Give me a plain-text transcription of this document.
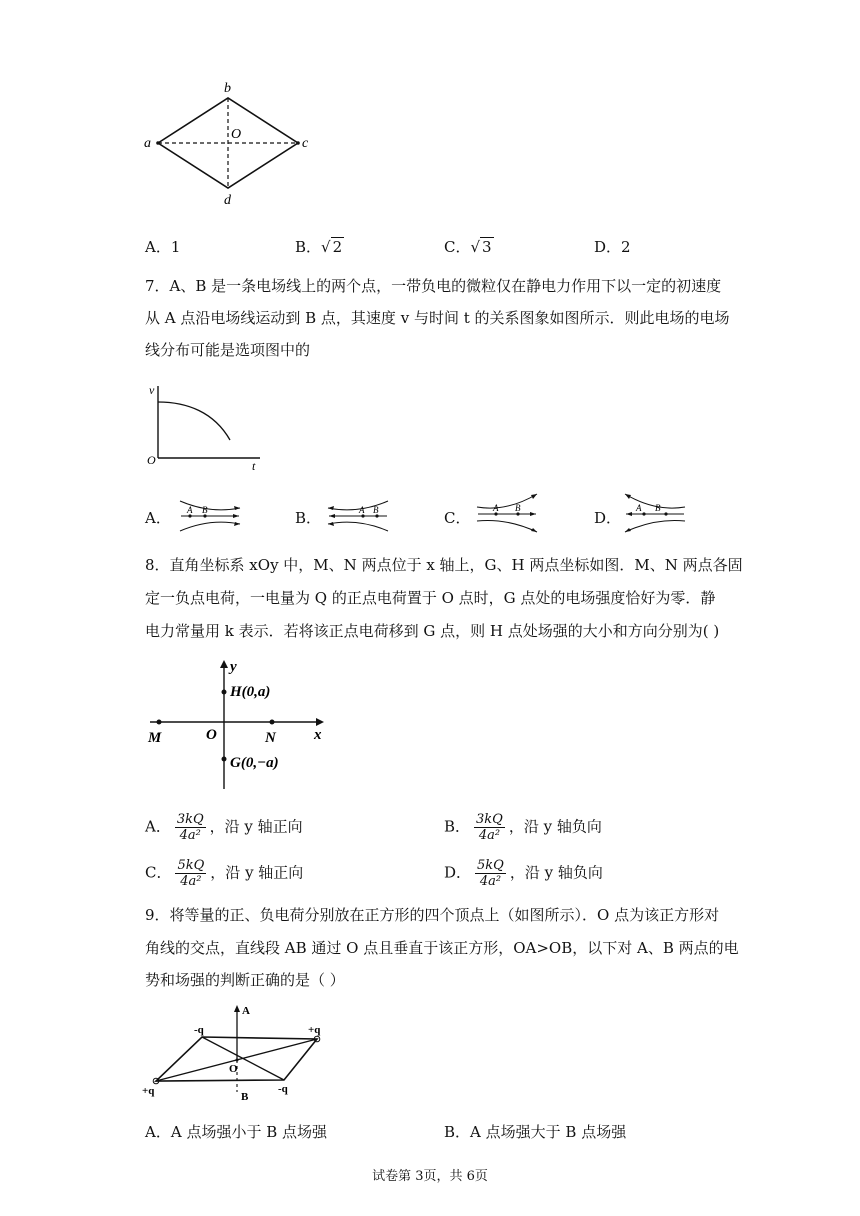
b
a	c
O
d
A．1	B．√ 2	C．√ 3	D．2
7．A、B 是一条电场线上的两个点，一带负电的微粒仅在静电力作用下以一定的初速度
从 A 点沿电场线运动到 B 点，其速度 v 与时间 t 的关系图象如图所示．则此电场的电场
线分布可能是选项图中的
v
t
O
A． A B	B．	A B	C．
A B
D．
A B
8．直角坐标系 xOy 中，M、N 两点位于 x 轴上，G、H 两点坐标如图．M、N 两点各固
定一负点电荷，一电量为 Q 的正点电荷置于 O 点时，G 点处的电场强度恰好为零．静
电力常量用 k 表示．若将该正点电荷移到 G 点，则 H 点处场强的大小和方向分别为( )
y
H(0,a)
M	O	N	x
G(0,−a)
A． $\frac{3kQ}{\text{4a²}}$ ，沿 y 轴正向	B． $\frac{3kQ}{\text{4a²}}$ ，沿 y 轴负向
C． $\frac{5kQ}{\text{4a²}}$ ，沿 y 轴正向	D． $\frac{5kQ}{\text{4a²}}$ ，沿 y 轴负向
9．将等量的正、负电荷分别放在正方形的四个顶点上（如图所示）．O 点为该正方形对
角线的交点，直线段 AB 通过 O 点且垂直于该正方形，OA>OB，以下对 A、B 两点的电
势和场强的判断正确的是（ ）
A
-q	+q
O
-q
+q	B
A．A 点场强小于 B 点场强	B．A 点场强大于 B 点场强
试卷第 3页，共 6页
